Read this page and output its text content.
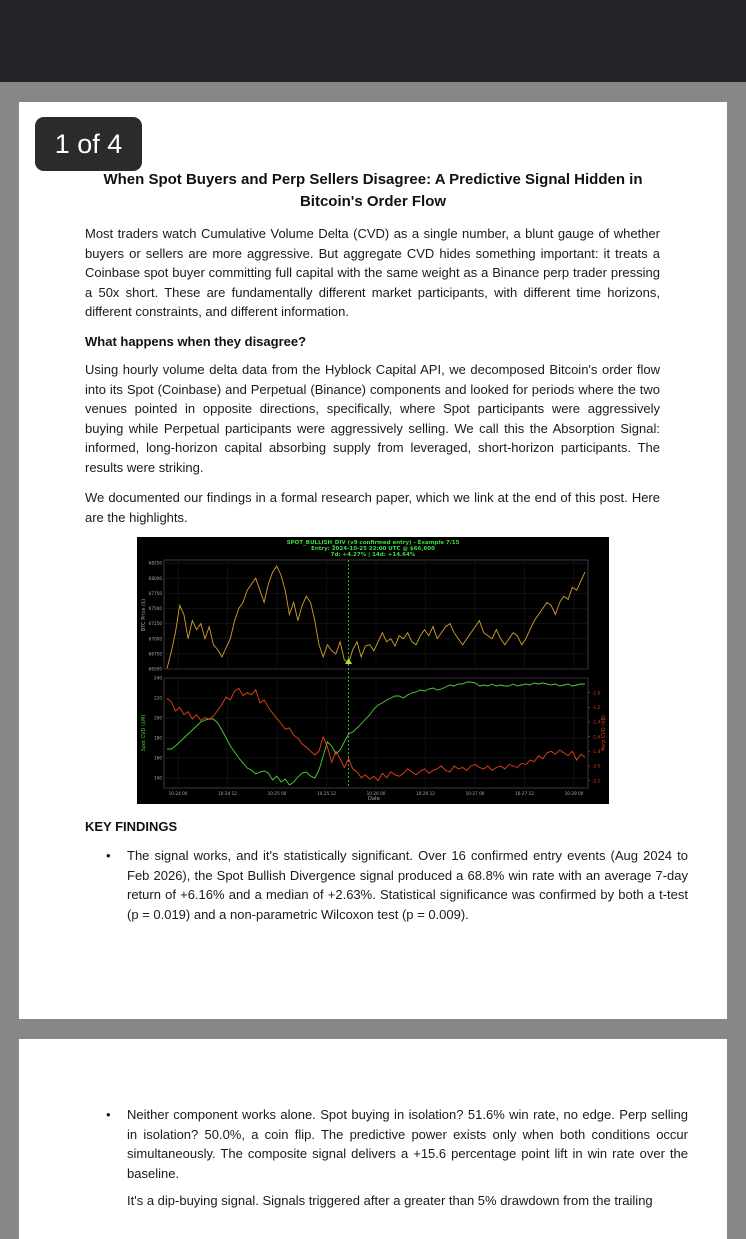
1 of 4
When Spot Buyers and Perp Sellers Disagree: A Predictive Signal Hidden in Bitcoin's Order Flow

Most traders watch Cumulative Volume Delta (CVD) as a single number, a blunt gauge of whether buyers or sellers are more aggressive. But aggregate CVD hides something important: it treats a Coinbase spot buyer committing full capital with the same weight as a Binance perp trader pressing a 50x short. These are fundamentally different market participants, with different time horizons, different constraints, and different information.

What happens when they disagree?

Using hourly volume delta data from the Hyblock Capital API, we decomposed Bitcoin's order flow into its Spot (Coinbase) and Perpetual (Binance) components and looked for periods where the two venues pointed in opposite directions, specifically, where Spot participants were aggressively buying while Perpetual participants were aggressively selling. We call this the Absorption Signal: informed, long-horizon capital absorbing supply from leveraged, short-horizon participants. The results were striking.

We documented our findings in a formal research paper, which we link at the end of this post. Here are the highlights.

SPOT_BULLISH_DIV (v9 confirmed entry) - Example 7/15
Entry: 2024-10-25 22:00 UTC @ $66,600
7d: +4.27% | 14d: +14.64%
BTC Price ($)
Spot CVD ($M)	Perp CVD ($B)
Date
68250
68000
67750
67500
67250
67000
66750
66500
240
220
200
180
160
140
-1.0
-1.2
-1.4
-1.6
-1.8
-2.0
-2.2
10-24 00	10-24 12	10-25 00	10-25 12	10-26 00	10-26 12	10-27 00	10-27 12	10-28 00
KEY FINDINGS
• The signal works, and it's statistically significant. Over 16 confirmed entry events (Aug 2024 to Feb 2026), the Spot Bullish Divergence signal produced a 68.8% win rate with an average 7-day return of +6.16% and a median of +2.63%. Statistical significance was confirmed by both a t-test (p = 0.019) and a non-parametric Wilcoxon test (p = 0.009).

• Neither component works alone. Spot buying in isolation? 51.6% win rate, no edge. Perp selling in isolation? 50.0%, a coin flip. The predictive power exists only when both conditions occur simultaneously. The composite signal delivers a +15.6 percentage point lift in win rate over the baseline.

It's a dip-buying signal. Signals triggered after a greater than 5% drawdown from the trailing
